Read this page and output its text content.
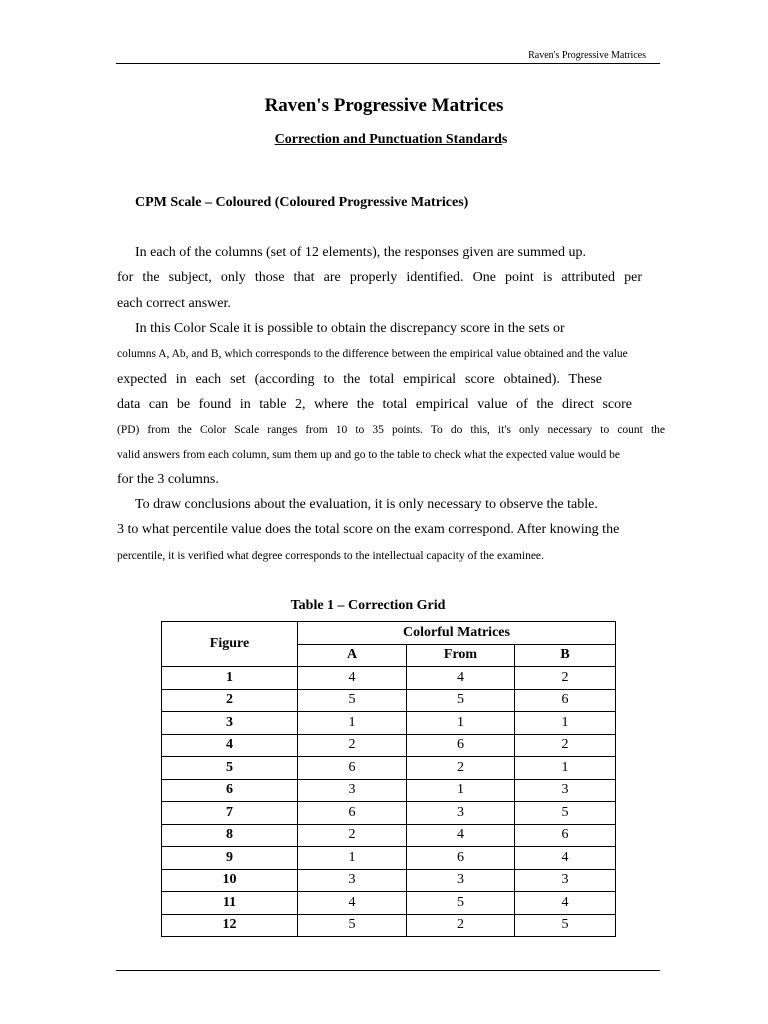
Raven's Progressive Matrices
Raven's Progressive Matrices
Correction and Punctuation Standards
CPM Scale – Coloured (Coloured Progressive Matrices)
In each of the columns (set of 12 elements), the responses given are summed up.
for the subject, only those that are properly identified. One point is attributed per
each correct answer.
In this Color Scale it is possible to obtain the discrepancy score in the sets or
columns A, Ab, and B, which corresponds to the difference between the empirical value obtained and the value
expected in each set (according to the total empirical score obtained). These
data can be found in table 2, where the total empirical value of the direct score
(PD) from the Color Scale ranges from 10 to 35 points. To do this, it's only necessary to count the
valid answers from each column, sum them up and go to the table to check what the expected value would be
for the 3 columns.
To draw conclusions about the evaluation, it is only necessary to observe the table.
3 to what percentile value does the total score on the exam correspond. After knowing the
percentile, it is verified what degree corresponds to the intellectual capacity of the examinee.
Table 1 – Correction Grid
Figure	Colorful Matrices		
	A	From	B
1	4	4	2
2	5	5	6
3	1	1	1
4	2	6	2
5	6	2	1
6	3	1	3
7	6	3	5
8	2	4	6
9	1	6	4
10	3	3	3
11	4	5	4
12	5	2	5
